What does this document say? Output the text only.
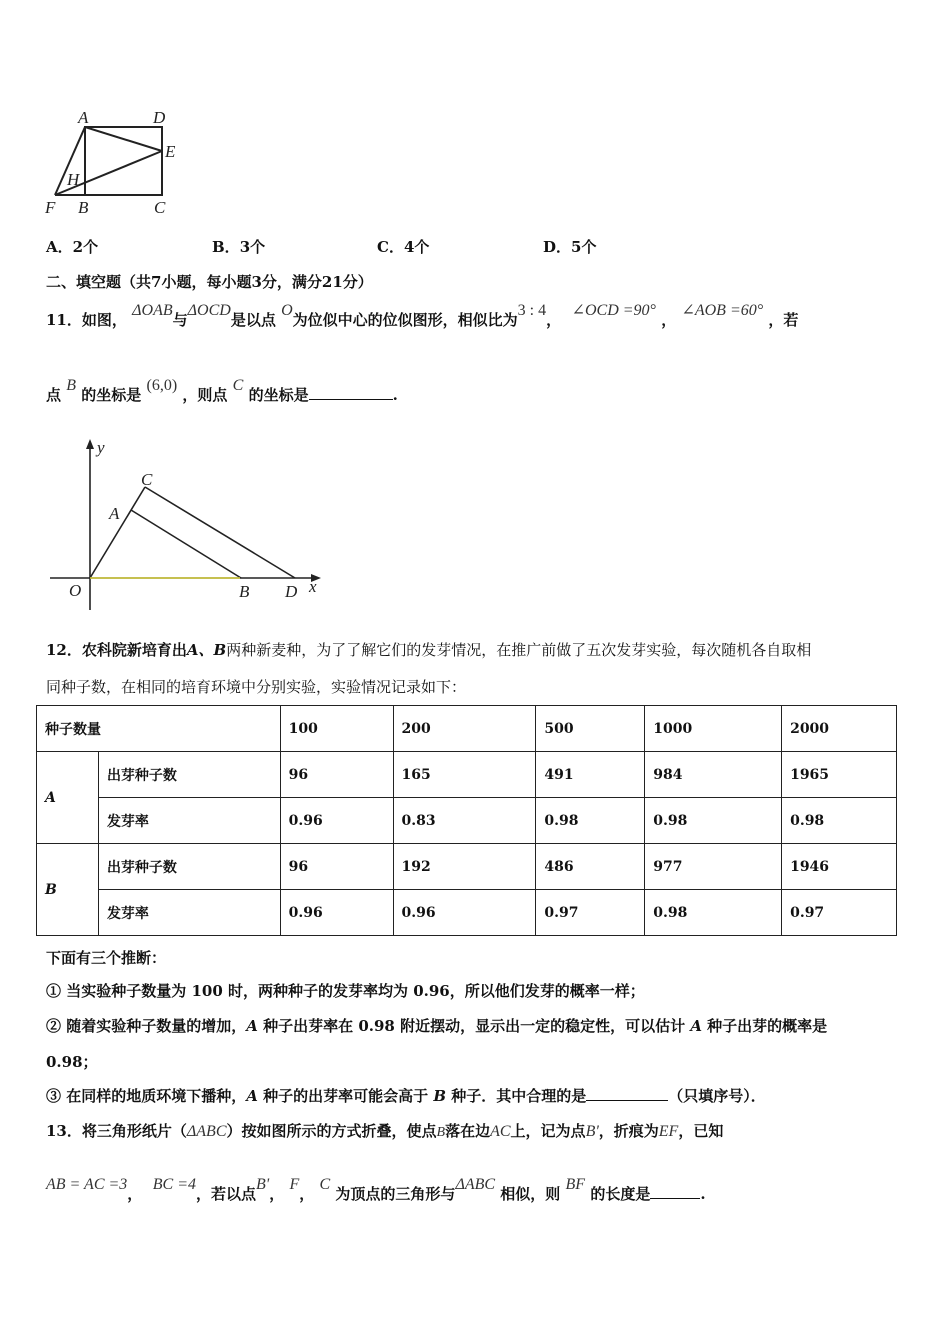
A	D
E
H
F B	C
A．2个	B．3个	C．4个	D．5个
二、填空题（共7小题，每小题3分，满分21分）
11．如图， ΔOAB与ΔOCD是以点 O为位似中心的位似图形，相似比为3 : 4，  ∠OCD =90° ， ∠AOB =60° ，若
点 B 的坐标是 (6,0) ，则点 C 的坐标是	.
y
x
O
A
B
C
D
12．农科院新培育出A、B两种新麦种，为了了解它们的发芽情况，在推广前做了五次发芽实验，每次随机各自取相
同种子数，在相同的培育环境中分别实验，实验情况记录如下：
种子数量		100	200	500	1000	2000
A	出芽种子数	96	165	491	984	1965
	发芽率	0.96	0.83	0.98	0.98	0.98
B	出芽种子数	96	192	486	977	1946
	发芽率	0.96	0.96	0.97	0.98	0.97
下面有三个推断：
① 当实验种子数量为 100 时，两种种子的发芽率均为 0.96，所以他们发芽的概率一样；
② 随着实验种子数量的增加，A 种子出芽率在 0.98 附近摆动，显示出一定的稳定性，可以估计 A 种子出芽的概率是
0.98；
③ 在同样的地质环境下播种，A 种子的出芽率可能会高于 B 种子．其中合理的是	（只填序号）．
13．将三角形纸片（ΔABC）按如图所示的方式折叠，使点B落在边AC上，记为点B'，折痕为EF，已知
AB = AC =3，  BC =4，若以点B'， F， C 为顶点的三角形与ΔABC 相似，则 BF 的长度是	.
